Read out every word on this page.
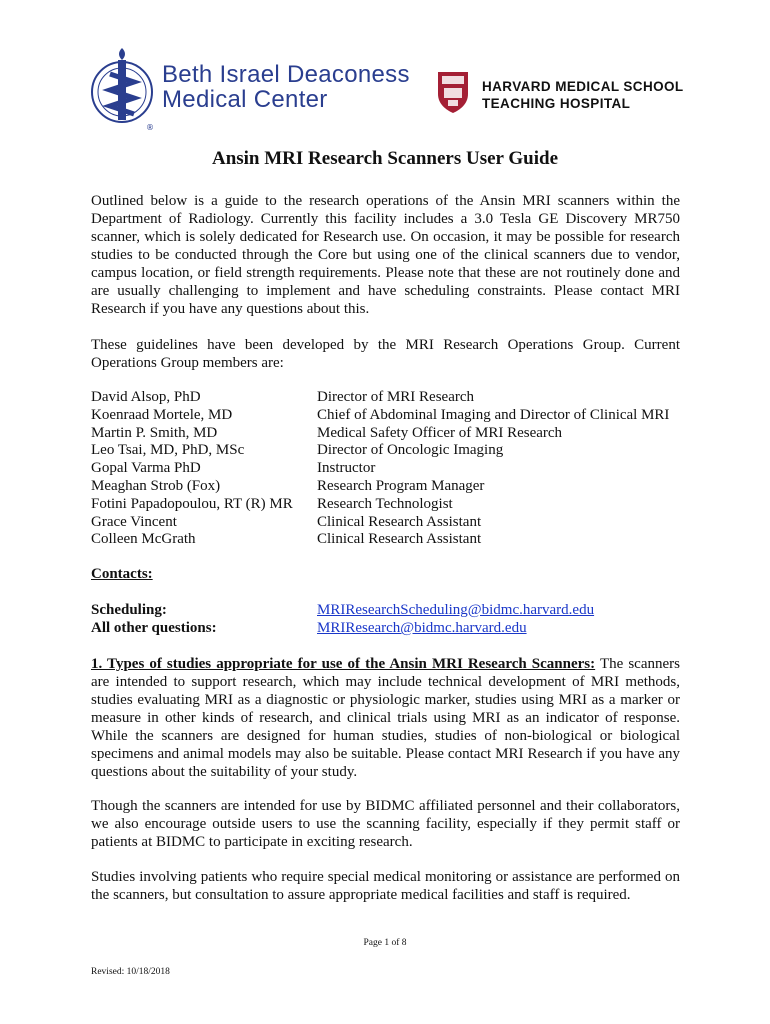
®
Beth Israel Deaconess
Medical Center	HARVARD MEDICAL SCHOOL
TEACHING HOSPITAL
Ansin MRI Research Scanners User Guide

Outlined below is a guide to the research operations of the Ansin MRI scanners within the Department of Radiology. Currently this facility includes a 3.0 Tesla GE Discovery MR750 scanner, which is solely dedicated for Research use. On occasion, it may be possible for research studies to be conducted through the Core but using one of the clinical scanners due to vendor, campus location, or field strength requirements. Please note that these are not routinely done and are usually challenging to implement and have scheduling constraints. Please contact MRI Research if you have any questions about this.

These guidelines have been developed by the MRI Research Operations Group. Current Operations Group members are:

David Alsop, PhD	Director of MRI Research
Koenraad Mortele, MD	Chief of Abdominal Imaging and Director of Clinical MRI
Martin P. Smith, MD	Medical Safety Officer of MRI Research
Leo Tsai, MD, PhD, MSc	Director of Oncologic Imaging
Gopal Varma PhD	Instructor
Meaghan Strob (Fox)	Research Program Manager
Fotini Papadopoulou, RT (R) MR	Research Technologist
Grace Vincent	Clinical Research Assistant
Colleen McGrath	Clinical Research Assistant
Contacts:
Scheduling:	MRIResearchScheduling@bidmc.harvard.edu
All other questions:	MRIResearch@bidmc.harvard.edu

1. Types of studies appropriate for use of the Ansin MRI Research Scanners: The scanners are intended to support research, which may include technical development of MRI methods, studies evaluating MRI as a diagnostic or physiologic marker, studies using MRI as a marker or measure in other kinds of research, and clinical trials using MRI as an indicator of response. While the scanners are designed for human studies, studies of non-biological or biological specimens and animal models may also be suitable. Please contact MRI Research if you have any questions about the suitability of your study.

Though the scanners are intended for use by BIDMC affiliated personnel and their collaborators, we also encourage outside users to use the scanning facility, especially if they permit staff or patients at BIDMC to participate in exciting research.

Studies involving patients who require special medical monitoring or assistance are performed on the scanners, but consultation to assure appropriate medical facilities and staff is required.

Page 1 of 8
Revised: 10/18/2018
